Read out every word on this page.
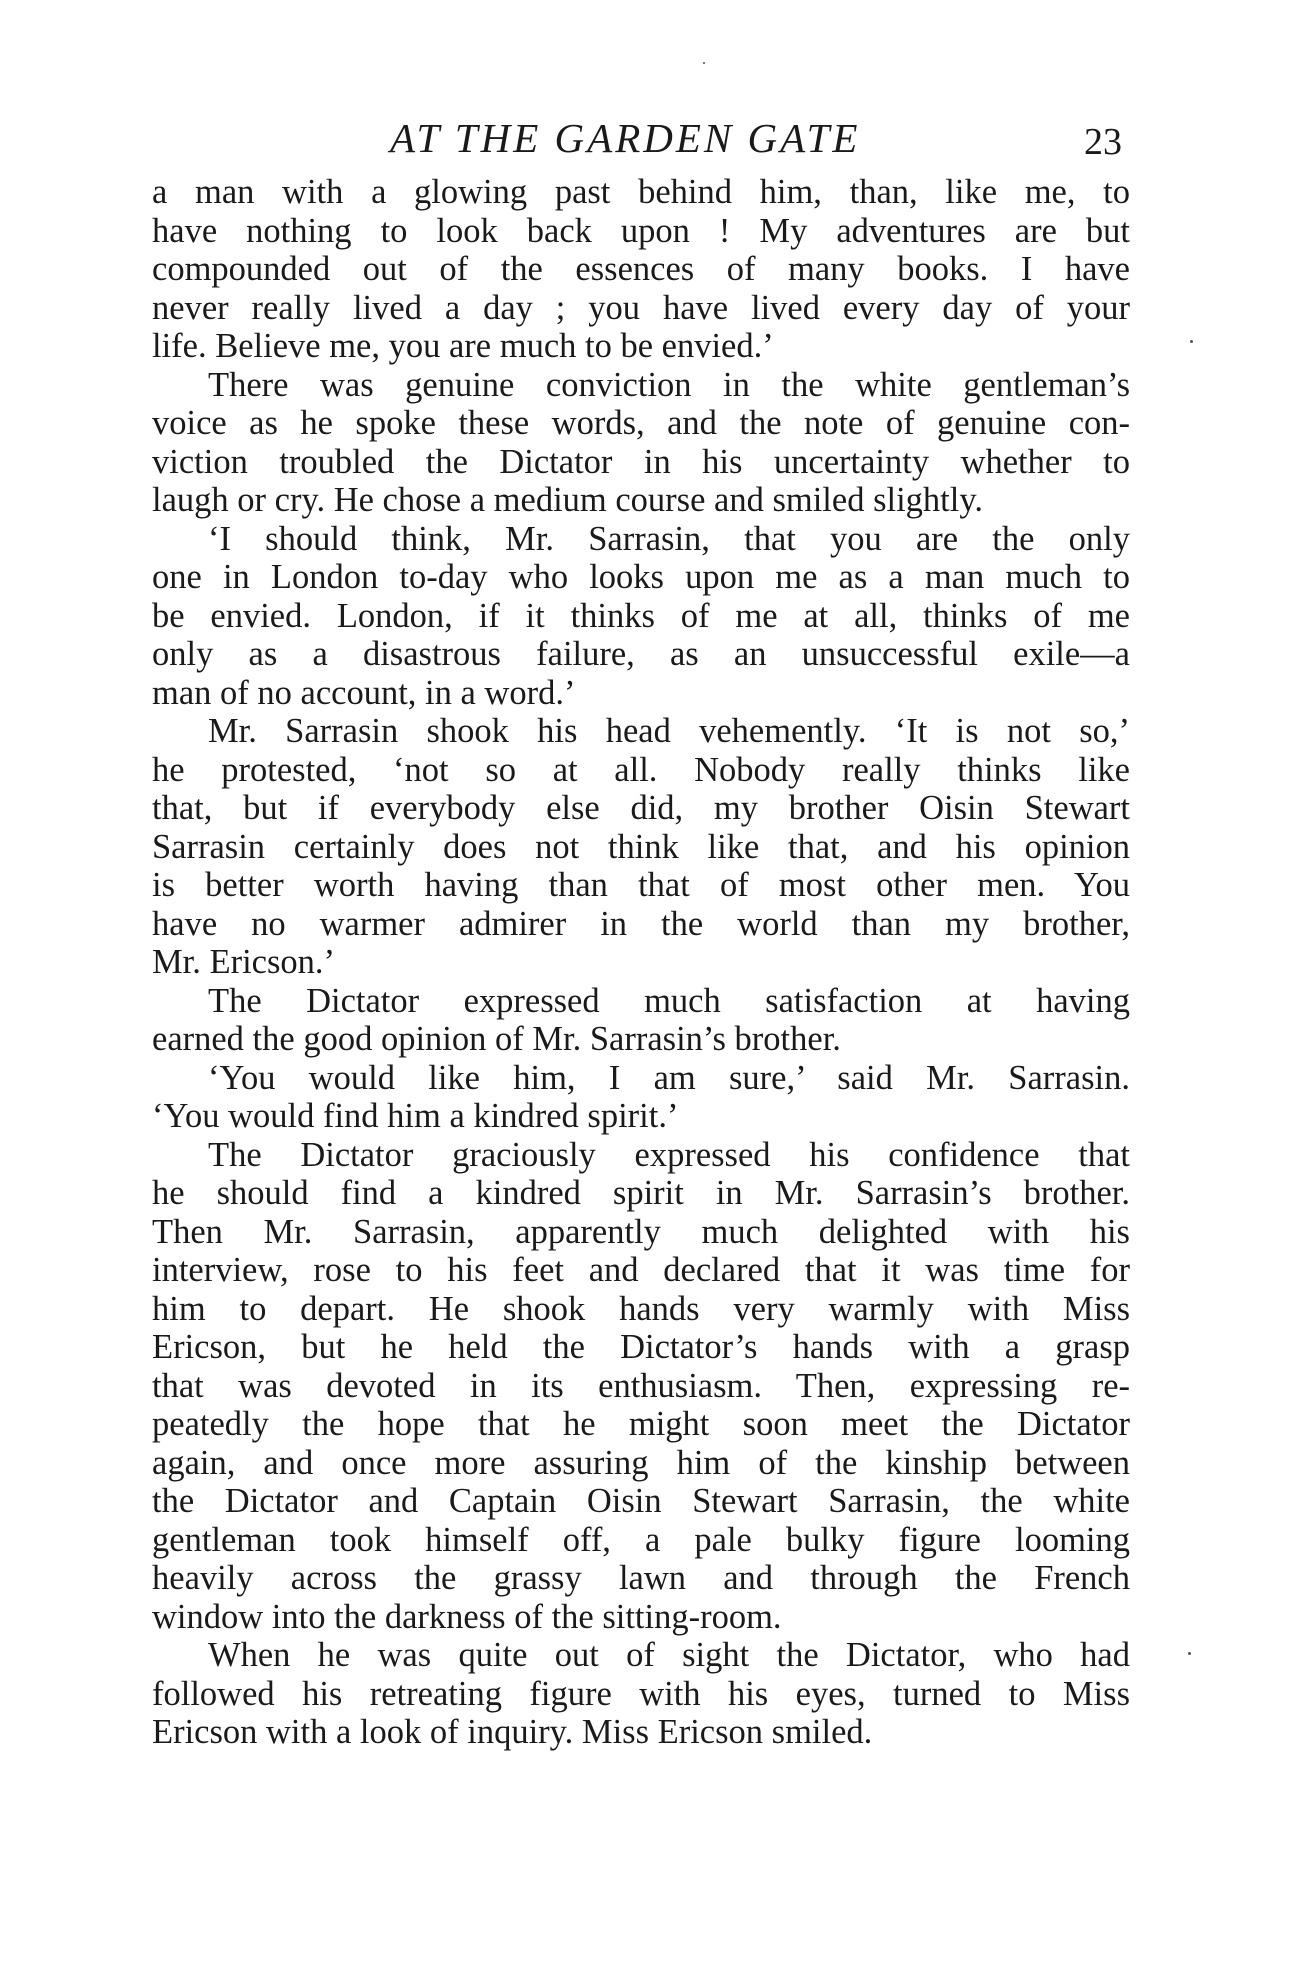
AT THE GARDEN GATE	23
a man with a glowing past behind him, than, like me, to
have nothing to look back upon ! My adventures are but
compounded out of the essences of many books. I have
never really lived a day ; you have lived every day of your
life. Believe me, you are much to be envied.’
There was genuine conviction in the white gentleman’s
voice as he spoke these words, and the note of genuine con-
viction troubled the Dictator in his uncertainty whether to
laugh or cry. He chose a medium course and smiled slightly.
‘I should think, Mr. Sarrasin, that you are the only
one in London to-day who looks upon me as a man much to
be envied. London, if it thinks of me at all, thinks of me
only as a disastrous failure, as an unsuccessful exile—a
man of no account, in a word.’
Mr. Sarrasin shook his head vehemently. ‘It is not so,’
he protested, ‘not so at all. Nobody really thinks like
that, but if everybody else did, my brother Oisin Stewart
Sarrasin certainly does not think like that, and his opinion
is better worth having than that of most other men. You
have no warmer admirer in the world than my brother,
Mr. Ericson.’
The Dictator expressed much satisfaction at having
earned the good opinion of Mr. Sarrasin’s brother.
‘You would like him, I am sure,’ said Mr. Sarrasin.
‘You would find him a kindred spirit.’
The Dictator graciously expressed his confidence that
he should find a kindred spirit in Mr. Sarrasin’s brother.
Then Mr. Sarrasin, apparently much delighted with his
interview, rose to his feet and declared that it was time for
him to depart. He shook hands very warmly with Miss
Ericson, but he held the Dictator’s hands with a grasp
that was devoted in its enthusiasm. Then, expressing re-
peatedly the hope that he might soon meet the Dictator
again, and once more assuring him of the kinship between
the Dictator and Captain Oisin Stewart Sarrasin, the white
gentleman took himself off, a pale bulky figure looming
heavily across the grassy lawn and through the French
window into the darkness of the sitting-room.
When he was quite out of sight the Dictator, who had
followed his retreating figure with his eyes, turned to Miss
Ericson with a look of inquiry. Miss Ericson smiled.
